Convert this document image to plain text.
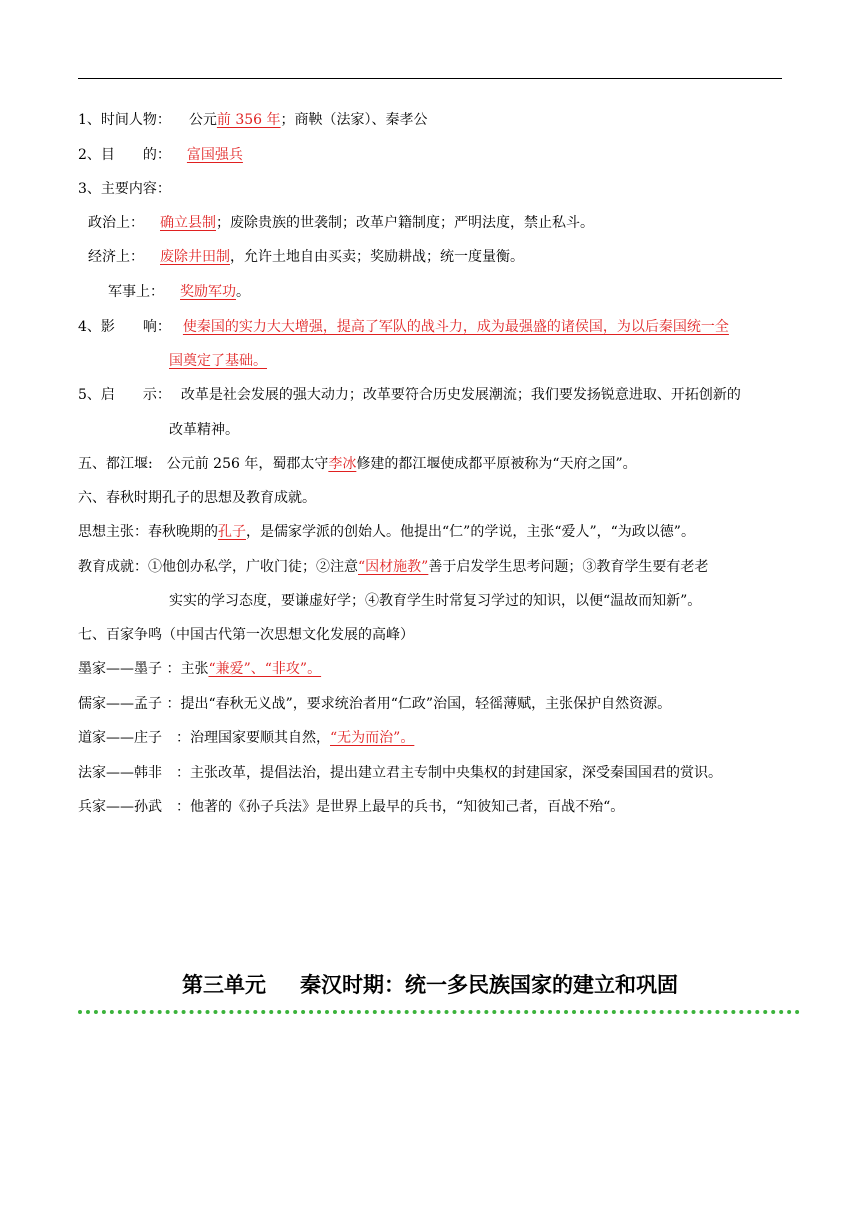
1、时间人物： 公元前 356 年；商鞅（法家）、秦孝公
2、目　　的： 富国强兵
3、主要内容：
政治上： 确立县制；废除贵族的世袭制；改革户籍制度；严明法度，禁止私斗。
经济上： 废除井田制，允许土地自由买卖；奖励耕战；统一度量衡。
军事上： 奖励军功。
4、影　　响： 使秦国的实力大大增强，提高了军队的战斗力，成为最强盛的诸侯国，为以后秦国统一全
国奠定了基础。
5、启　　示： 改革是社会发展的强大动力；改革要符合历史发展潮流；我们要发扬锐意进取、开拓创新的
改革精神。
五、都江堰:　公元前 256 年，蜀郡太守李冰修建的都江堰使成都平原被称为“天府之国”。
六、春秋时期孔子的思想及教育成就。
思想主张：春秋晚期的孔子，是儒家学派的创始人。他提出“仁”的学说，主张“爱人”，“为政以德”。
教育成就：①他创办私学，广收门徒；②注意“因材施教”善于启发学生思考问题；③教育学生要有老老
实实的学习态度，要谦虚好学；④教育学生时常复习学过的知识，以便“温故而知新”。
七、百家争鸣（中国古代第一次思想文化发展的高峰）
墨家——墨子 ：主张“兼爱”、“非攻”。
儒家——孟子 ：提出“春秋无义战”，要求统治者用“仁政”治国，轻徭薄赋，主张保护自然资源。
道家——庄子　：治理国家要顺其自然，“无为而治”。
法家——韩非　：主张改革，提倡法治，提出建立君主专制中央集权的封建国家，深受秦国国君的赏识。
兵家——孙武　：他著的《孙子兵法》是世界上最早的兵书，“知彼知己者，百战不殆“。
第三单元 秦汉时期：统一多民族国家的建立和巩固
